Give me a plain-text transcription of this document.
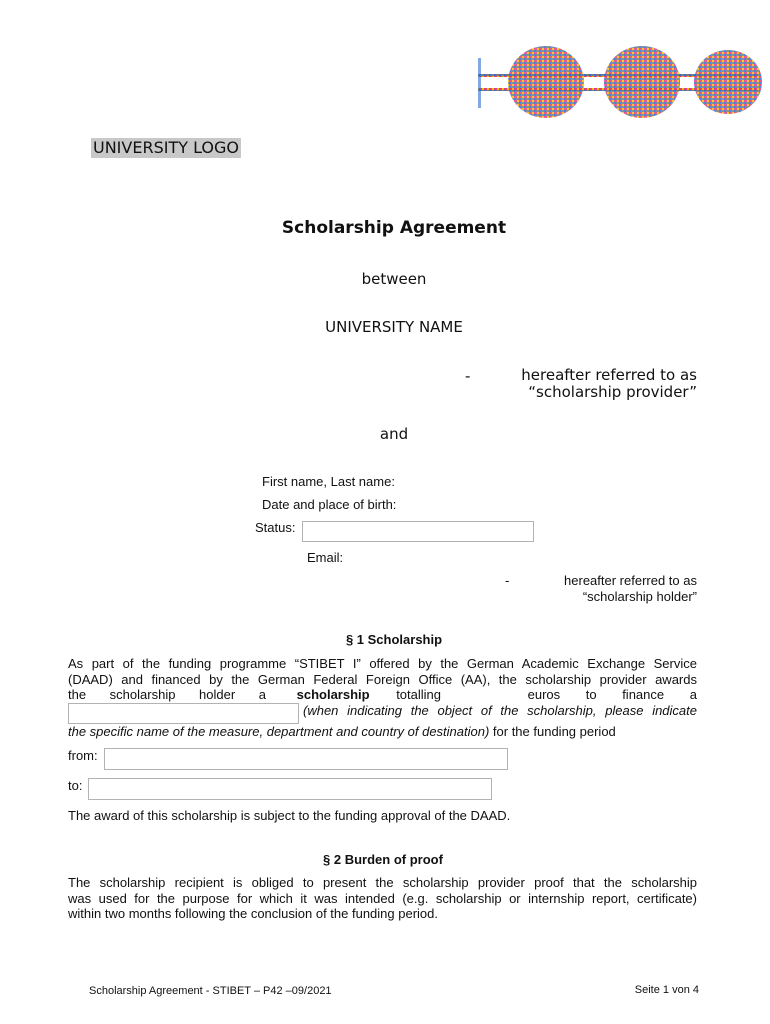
UNIVERSITY LOGO
Scholarship Agreement
between
UNIVERSITY NAME
-	hereafter referred to as
“scholarship provider”
and
First name, Last name:
Date and place of birth:
Status:
Email:
-	hereafter referred to as
“scholarship holder”
§ 1 Scholarship
As part of the funding programme “STIBET I” offered by the German Academic Exchange Service
(DAAD) and financed by the German Federal Foreign Office (AA), the scholarship provider awards
the scholarship holder a scholarship totalling	euros to finance a
(when indicating the object of the scholarship, please indicate
the specific name of the measure, department and country of destination) for the funding period
from:
to:
The award of this scholarship is subject to the funding approval of the DAAD.
§ 2 Burden of proof
The scholarship recipient is obliged to present the scholarship provider proof that the scholarship
was used for the purpose for which it was intended (e.g. scholarship or internship report, certificate)
within two months following the conclusion of the funding period.
Scholarship Agreement - STIBET – P42 –09/2021	Seite 1 von 4
